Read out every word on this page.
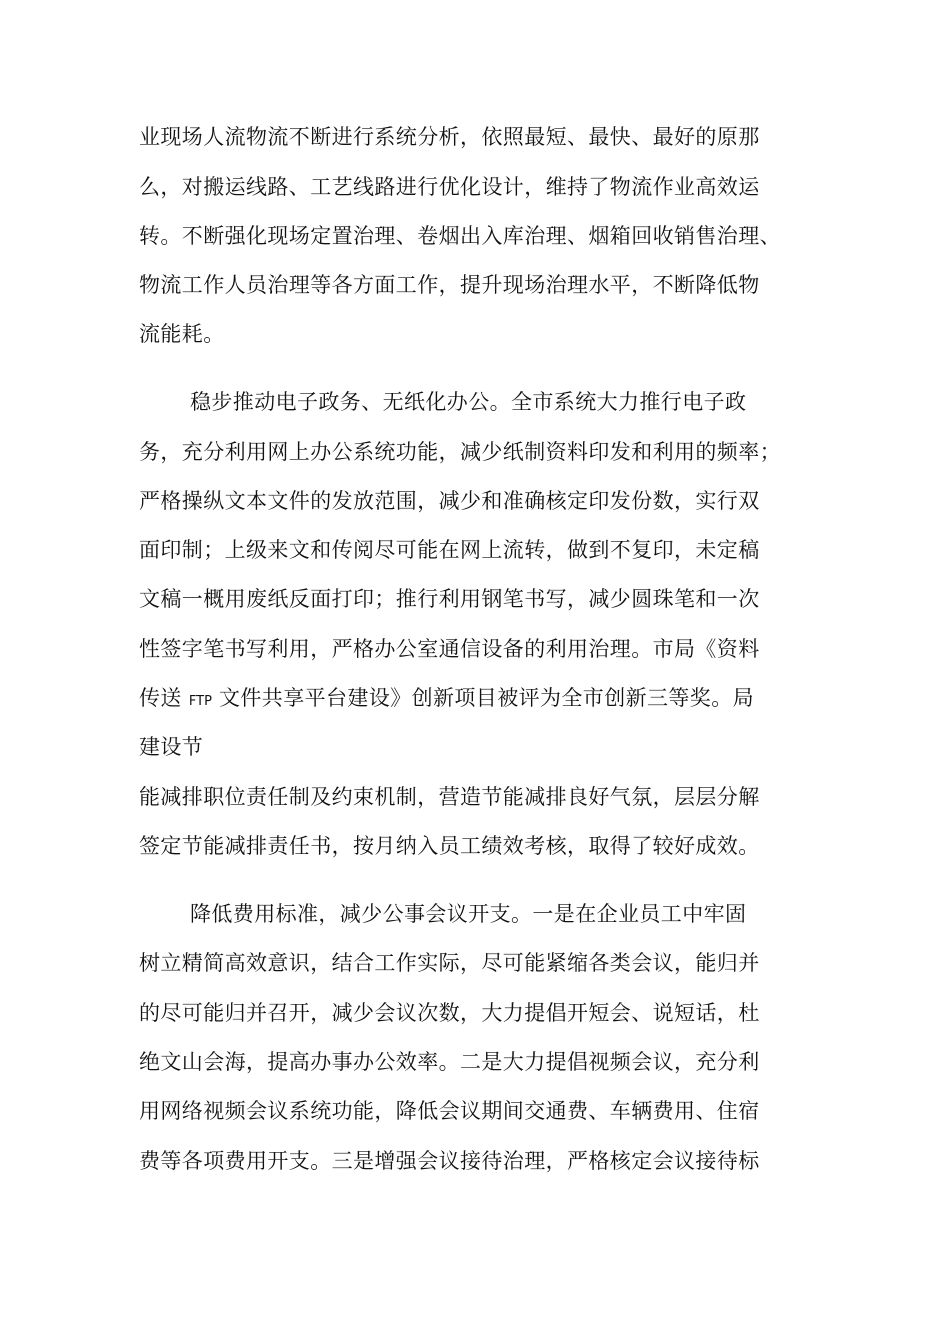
业现场人流物流不断进行系统分析，依照最短、最快、最好的原那
么，对搬运线路、工艺线路进行优化设计，维持了物流作业高效运
转。不断强化现场定置治理、卷烟出入库治理、烟箱回收销售治理、
物流工作人员治理等各方面工作，提升现场治理水平，不断降低物
流能耗。
稳步推动电子政务、无纸化办公。全市系统大力推行电子政
务，充分利用网上办公系统功能，减少纸制资料印发和利用的频率；
严格操纵文本文件的发放范围，减少和准确核定印发份数，实行双
面印制；上级来文和传阅尽可能在网上流转，做到不复印，未定稿
文稿一概用废纸反面打印；推行利用钢笔书写，减少圆珠笔和一次
性签字笔书写利用，严格办公室通信设备的利用治理。市局《资料
传送 FTP 文件共享平台建设》创新项目被评为全市创新三等奖。局
建设节
能减排职位责任制及约束机制，营造节能减排良好气氛，层层分解
签定节能减排责任书，按月纳入员工绩效考核，取得了较好成效。
降低费用标准，减少公事会议开支。一是在企业员工中牢固
树立精简高效意识，结合工作实际，尽可能紧缩各类会议，能归并
的尽可能归并召开，减少会议次数，大力提倡开短会、说短话，杜
绝文山会海，提高办事办公效率。二是大力提倡视频会议，充分利
用网络视频会议系统功能，降低会议期间交通费、车辆费用、住宿
费等各项费用开支。三是增强会议接待治理，严格核定会议接待标
